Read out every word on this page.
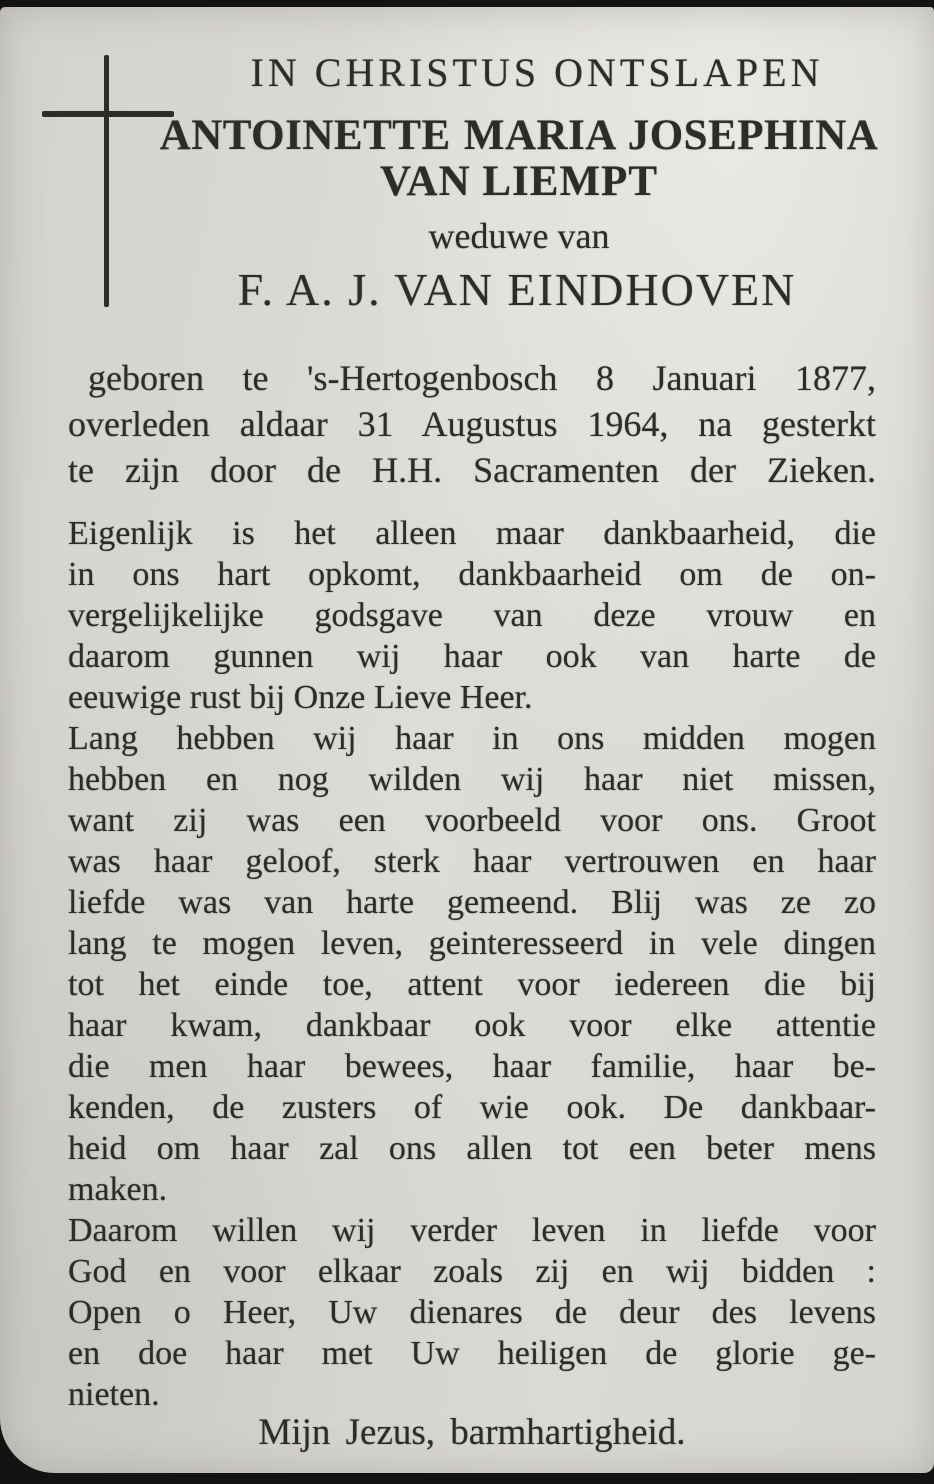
IN CHRISTUS ONTSLAPEN
ANTOINETTE MARIA JOSEPHINA
VAN LIEMPT
weduwe van
F. A. J. VAN EINDHOVEN
geboren te 's-Hertogenbosch 8 Januari 1877,
overleden aldaar 31 Augustus 1964, na gesterkt
te zijn door de H.H. Sacramenten der Zieken.
Eigenlijk is het alleen maar dankbaarheid, die
in ons hart opkomt, dankbaarheid om de on-
vergelijkelijke godsgave van deze vrouw en
daarom gunnen wij haar ook van harte de
eeuwige rust bij Onze Lieve Heer.
Lang hebben wij haar in ons midden mogen
hebben en nog wilden wij haar niet missen,
want zij was een voorbeeld voor ons. Groot
was haar geloof, sterk haar vertrouwen en haar
liefde was van harte gemeend. Blij was ze zo
lang te mogen leven, geinteresseerd in vele dingen
tot het einde toe, attent voor iedereen die bij
haar kwam, dankbaar ook voor elke attentie
die men haar bewees, haar familie, haar be-
kenden, de zusters of wie ook. De dankbaar-
heid om haar zal ons allen tot een beter mens
maken.
Daarom willen wij verder leven in liefde voor
God en voor elkaar zoals zij en wij bidden :
Open o Heer, Uw dienares de deur des levens
en doe haar met Uw heiligen de glorie ge-
nieten.
Mijn Jezus, barmhartigheid.
